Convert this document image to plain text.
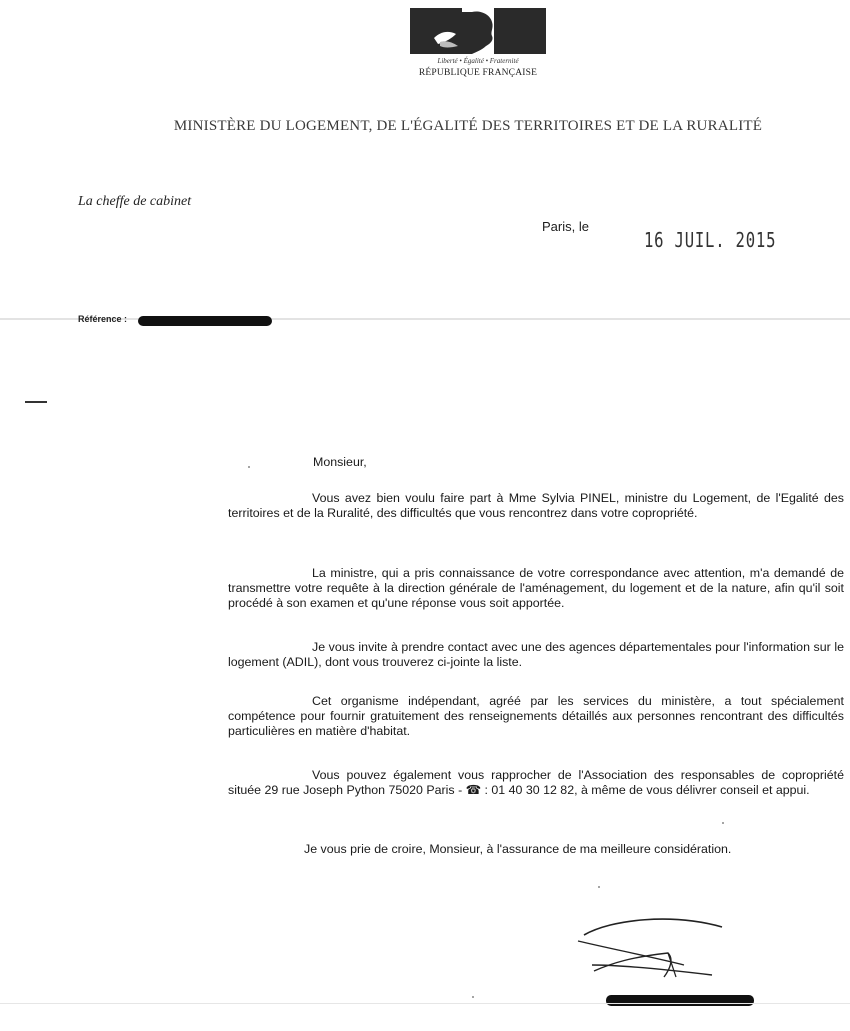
Liberté • Égalité • Fraternité
RÉPUBLIQUE FRANÇAISE
MINISTÈRE DU LOGEMENT, DE L'ÉGALITÉ DES TERRITOIRES ET DE LA RURALITÉ
La cheffe de cabinet
Paris, le
16 JUIL. 2015
Référence :
Monsieur,
Vous avez bien voulu faire part à Mme Sylvia PINEL, ministre du Logement, de l'Egalité des territoires et de la Ruralité, des difficultés que vous rencontrez dans votre copropriété.
La ministre, qui a pris connaissance de votre correspondance avec attention, m'a demandé de transmettre votre requête à la direction générale de l'aménagement, du logement et de la nature, afin qu'il soit procédé à son examen et qu'une réponse vous soit apportée.
Je vous invite à prendre contact avec une des agences départementales pour l'information sur le logement (ADIL), dont vous trouverez ci-jointe la liste.
Cet organisme indépendant, agréé par les services du ministère, a tout spécialement compétence pour fournir gratuitement des renseignements détaillés aux personnes rencontrant des difficultés particulières en matière d'habitat.
Vous pouvez également vous rapprocher de l'Association des responsables de copropriété située 29 rue Joseph Python 75020 Paris - ☎ : 01 40 30 12 82, à même de vous délivrer conseil et appui.
Je vous prie de croire, Monsieur, à l'assurance de ma meilleure considération.
